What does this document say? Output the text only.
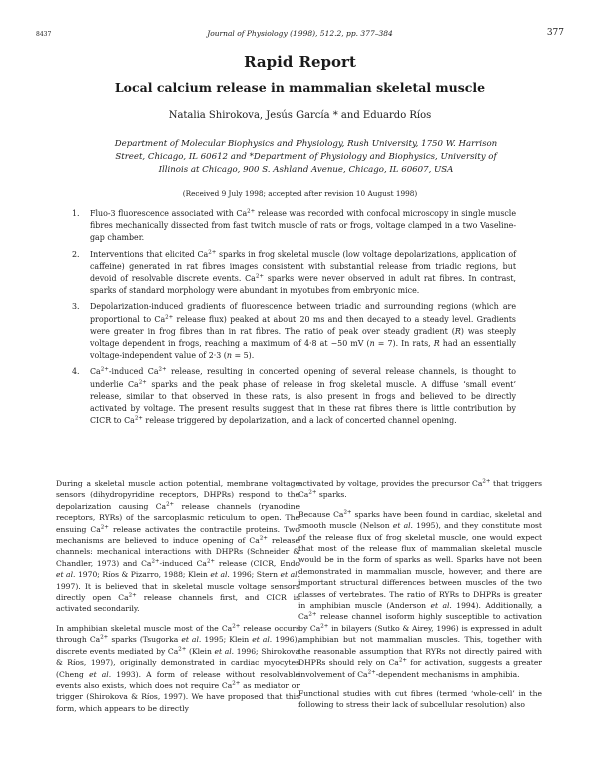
8437	Journal of Physiology (1998), 512.2, pp. 377–384	377
Rapid Report
Local calcium release in mammalian skeletal muscle
Natalia Shirokova, Jesús García * and Eduardo Ríos
Department of Molecular Biophysics and Physiology, Rush University, 1750 W. Harrison
Street, Chicago, IL 60612 and *Department of Physiology and Biophysics, University of
Illinois at Chicago, 900 S. Ashland Avenue, Chicago, IL 60607, USA
(Received 9 July 1998; accepted after revision 10 August 1998)
1. Fluo-3 fluorescence associated with $Ca^{2+}$ release was recorded with confocal microscopy in single muscle fibres mechanically dissected from fast twitch muscle of rats or frogs, voltage clamped in a two Vaseline-gap chamber.
2. Interventions that elicited $Ca^{2+}$ sparks in frog skeletal muscle (low voltage depolarizations, application of caffeine) generated in rat fibres images consistent with substantial release from triadic regions, but devoid of resolvable discrete events. $Ca^{2+}$ sparks were never observed in adult rat fibres. In contrast, sparks of standard morphology were abundant in myotubes from embryonic mice.
3. Depolarization-induced gradients of fluorescence between triadic and surrounding regions (which are proportional to $Ca^{2+}$ release flux) peaked at about 20 ms and then decayed to a steady level. Gradients were greater in frog fibres than in rat fibres. The ratio of peak over steady gradient (R) was steeply voltage dependent in frogs, reaching a maximum of 4·8 at −50 mV (n = 7). In rats, R had an essentially voltage-independent value of 2·3 (n = 5).
4. $Ca^{2+}$-induced $Ca^{2+}$ release, resulting in concerted opening of several release channels, is thought to underlie $Ca^{2+}$ sparks and the peak phase of release in frog skeletal muscle. A diffuse ‘small event’ release, similar to that observed in these rats, is also present in frogs and believed to be directly activated by voltage. The present results suggest that in these rat fibres there is little contribution by CICR to $Ca^{2+}$ release triggered by depolarization, and a lack of concerted channel opening.

During a skeletal muscle action potential, membrane voltage sensors (dihydropyridine receptors, DHPRs) respond to the depolarization causing $Ca^{2+}$ release channels (ryanodine receptors, RYRs) of the sarcoplasmic reticulum to open. The ensuing $Ca^{2+}$ release activates the contractile proteins. Two mechanisms are believed to induce opening of $Ca^{2+}$ release channels: mechanical interactions with DHPRs (Schneider & Chandler, 1973) and $Ca^{2+}$-induced $Ca^{2+}$ release (CICR, Endo et al. 1970; Ríos & Pizarro, 1988; Klein et al. 1996; Stern et al. 1997). It is believed that in skeletal muscle voltage sensors directly open $Ca^{2+}$ release channels first, and CICR is activated secondarily.

In amphibian skeletal muscle most of the $Ca^{2+}$ release occurs through $Ca^{2+}$ sparks (Tsugorka et al. 1995; Klein et al. 1996), discrete events mediated by $Ca^{2+}$ (Klein et al. 1996; Shirokova & Ríos, 1997), originally demonstrated in cardiac myocytes (Cheng et al. 1993). A form of release without resolvable events also exists, which does not require $Ca^{2+}$ as mediator or trigger (Shirokova & Ríos, 1997). We have proposed that this form, which appears to be directly

activated by voltage, provides the precursor $Ca^{2+}$ that triggers $Ca^{2+}$ sparks.

Because $Ca^{2+}$ sparks have been found in cardiac, skeletal and smooth muscle (Nelson et al. 1995), and they constitute most of the release flux of frog skeletal muscle, one would expect that most of the release flux of mammalian skeletal muscle would be in the form of sparks as well. Sparks have not been demonstrated in mammalian muscle, however, and there are important structural differences between muscles of the two classes of vertebrates. The ratio of RYRs to DHPRs is greater in amphibian muscle (Anderson et al. 1994). Additionally, a $Ca^{2+}$ release channel isoform highly susceptible to activation by $Ca^{2+}$ in bilayers (Sutko & Airey, 1996) is expressed in adult amphibian but not mammalian muscles. This, together with the reasonable assumption that RYRs not directly paired with DHPRs should rely on $Ca^{2+}$ for activation, suggests a greater involvement of $Ca^{2+}$-dependent mechanisms in amphibia.

Functional studies with cut fibres (termed ‘whole-cell’ in the following to stress their lack of subcellular resolution) also
